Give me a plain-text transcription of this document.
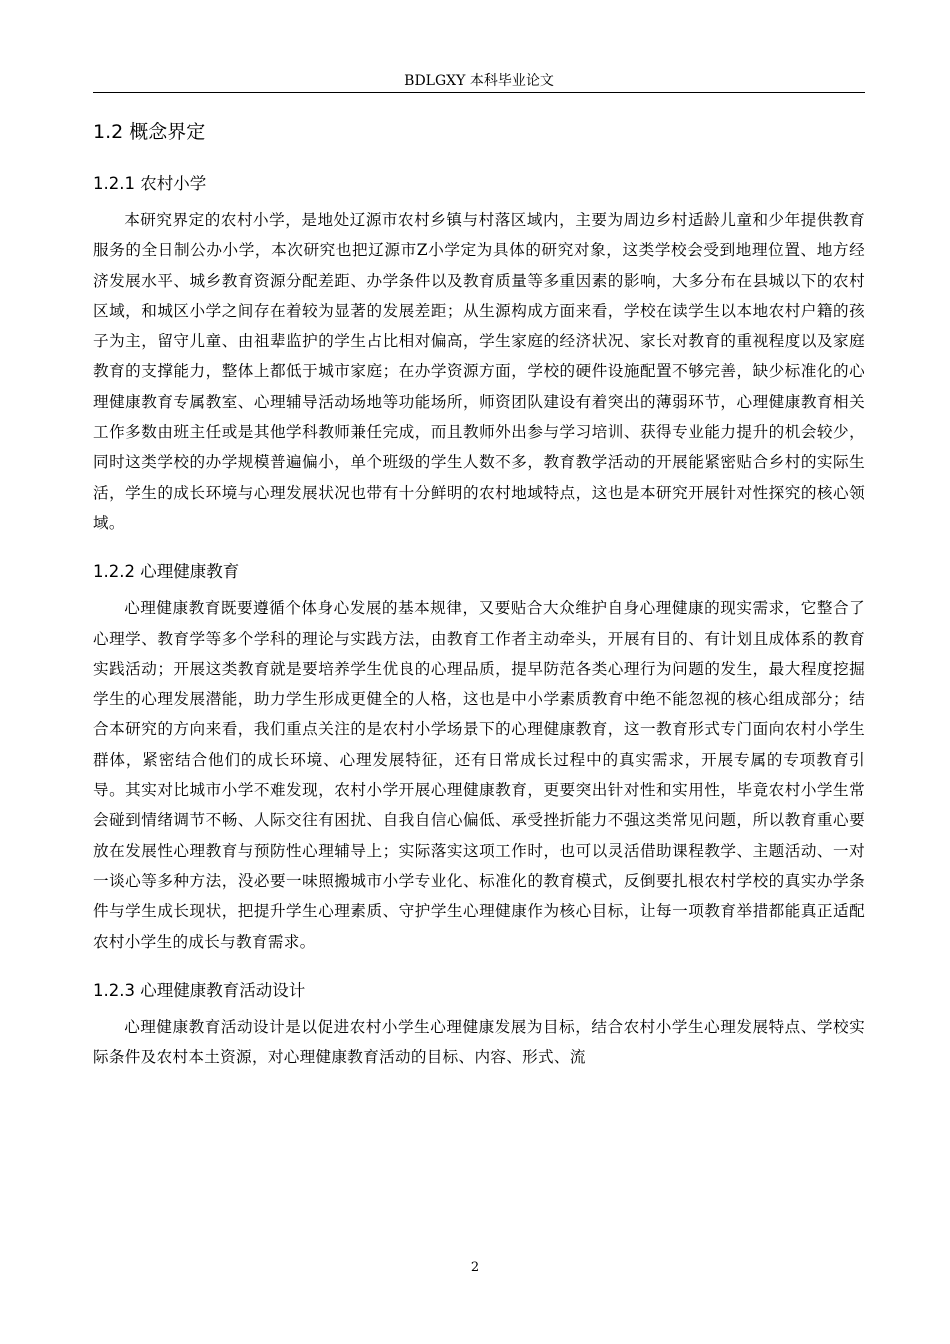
BDLGXY 本科毕业论文
1.2 概念界定
1.2.1 农村小学

本研究界定的农村小学，是地处辽源市农村乡镇与村落区域内，主要为周边乡村适龄儿童和少年提供教育服务的全日制公办小学，本次研究也把辽源市Z小学定为具体的研究对象，这类学校会受到地理位置、地方经济发展水平、城乡教育资源分配差距、办学条件以及教育质量等多重因素的影响，大多分布在县城以下的农村区域，和城区小学之间存在着较为显著的发展差距；从生源构成方面来看，学校在读学生以本地农村户籍的孩子为主，留守儿童、由祖辈监护的学生占比相对偏高，学生家庭的经济状况、家长对教育的重视程度以及家庭教育的支撑能力，整体上都低于城市家庭；在办学资源方面，学校的硬件设施配置不够完善，缺少标准化的心理健康教育专属教室、心理辅导活动场地等功能场所，师资团队建设有着突出的薄弱环节，心理健康教育相关工作多数由班主任或是其他学科教师兼任完成，而且教师外出参与学习培训、获得专业能力提升的机会较少，同时这类学校的办学规模普遍偏小，单个班级的学生人数不多，教育教学活动的开展能紧密贴合乡村的实际生活，学生的成长环境与心理发展状况也带有十分鲜明的农村地域特点，这也是本研究开展针对性探究的核心领域。

1.2.2 心理健康教育

心理健康教育既要遵循个体身心发展的基本规律，又要贴合大众维护自身心理健康的现实需求，它整合了心理学、教育学等多个学科的理论与实践方法，由教育工作者主动牵头，开展有目的、有计划且成体系的教育实践活动；开展这类教育就是要培养学生优良的心理品质，提早防范各类心理行为问题的发生，最大程度挖掘学生的心理发展潜能，助力学生形成更健全的人格，这也是中小学素质教育中绝不能忽视的核心组成部分；结合本研究的方向来看，我们重点关注的是农村小学场景下的心理健康教育，这一教育形式专门面向农村小学生群体，紧密结合他们的成长环境、心理发展特征，还有日常成长过程中的真实需求，开展专属的专项教育引导。其实对比城市小学不难发现，农村小学开展心理健康教育，更要突出针对性和实用性，毕竟农村小学生常会碰到情绪调节不畅、人际交往有困扰、自我自信心偏低、承受挫折能力不强这类常见问题，所以教育重心要放在发展性心理教育与预防性心理辅导上；实际落实这项工作时，也可以灵活借助课程教学、主题活动、一对一谈心等多种方法，没必要一味照搬城市小学专业化、标准化的教育模式，反倒要扎根农村学校的真实办学条件与学生成长现状，把提升学生心理素质、守护学生心理健康作为核心目标，让每一项教育举措都能真正适配农村小学生的成长与教育需求。

1.2.3 心理健康教育活动设计

心理健康教育活动设计是以促进农村小学生心理健康发展为目标，结合农村小学生心理发展特点、学校实际条件及农村本土资源，对心理健康教育活动的目标、内容、形式、流

2
